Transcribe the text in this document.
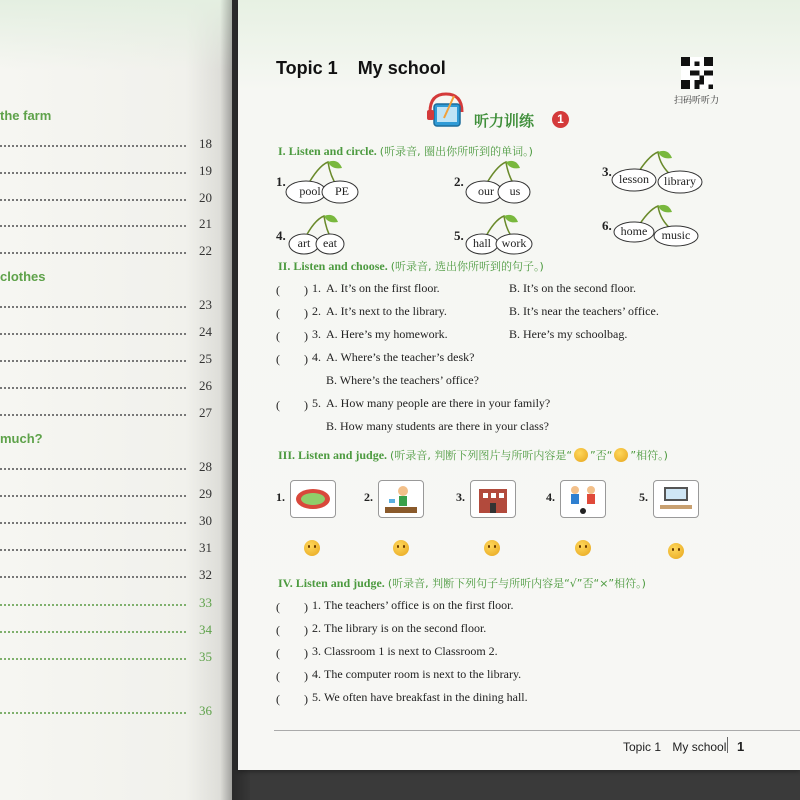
the farm
18
19
20
21
22
clothes
23
24
25
26
27
much?
28
29
30
31
32
33
34
35
36
Topic 1 My school
扫码听听力
听力训练	1
I. Listen and circle. (听录音, 圈出你所听到的单词。)
1.
pool	PE
2.
our	us
3. lesson	library
4. art	eat	5. hall work
6. home	music
II. Listen and choose. (听录音, 选出你所听到的句子。)
(　　) 1. A. It’s on the first floor.	B. It’s on the second floor.
(　　) 2. A. It’s next to the library.	B. It’s near the teachers’ office.
(　　) 3. A. Here’s my homework.	B. Here’s my schoolbag.
(　　) 4. A. Where’s the teacher’s desk?
B. Where’s the teachers’ office?
(　　) 5. A. How many people are there in your family?
B. How many students are there in your class?
III. Listen and judge. (听录音, 判断下列图片与所听内容是“ ”否“ ”相符。)
1.	2.	3.	4.	5.
IV. Listen and judge. (听录音, 判断下列句子与所听内容是“√”否“×”相符。)
(　　) 1. The teachers’ office is on the first floor.
(　　) 2. The library is on the second floor.
(　　) 3. Classroom 1 is next to Classroom 2.
(　　) 4. The computer room is next to the library.
(　　) 5. We often have breakfast in the dining hall.
Topic 1 My school 1
